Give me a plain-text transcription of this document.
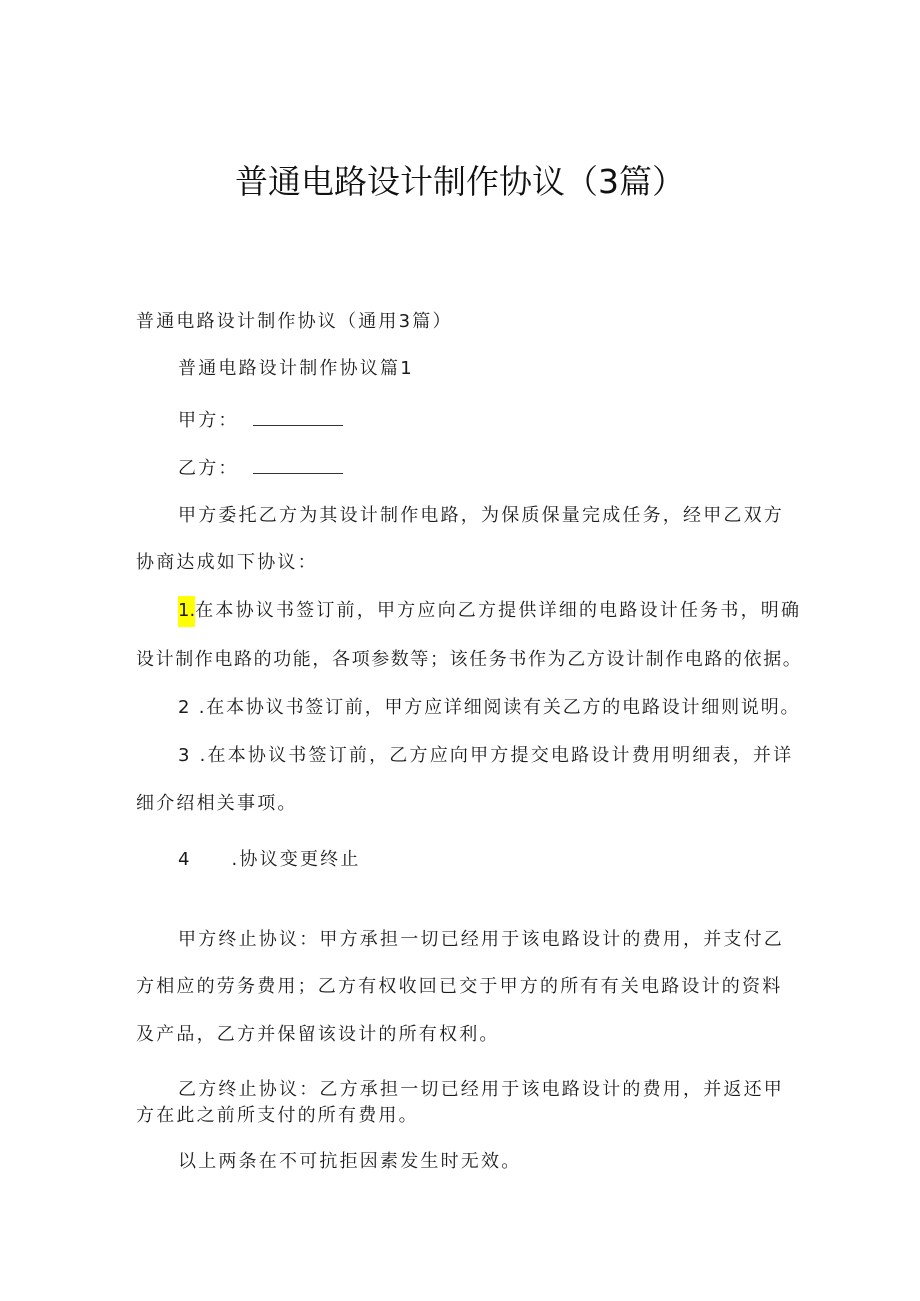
普通电路设计制作协议（3篇）
普通电路设计制作协议（通用3篇）
普通电路设计制作协议篇1
甲方：
乙方：
甲方委托乙方为其设计制作电路，为保质保量完成任务，经甲乙双方
协商达成如下协议：
1.在本协议书签订前，甲方应向乙方提供详细的电路设计任务书，明确
设计制作电路的功能，各项参数等；该任务书作为乙方设计制作电路的依据。
2 .在本协议书签订前，甲方应详细阅读有关乙方的电路设计细则说明。
3 .在本协议书签订前，乙方应向甲方提交电路设计费用明细表，并详
细介绍相关事项。
4 .协议变更终止
甲方终止协议：甲方承担一切已经用于该电路设计的费用，并支付乙
方相应的劳务费用；乙方有权收回已交于甲方的所有有关电路设计的资料
及产品，乙方并保留该设计的所有权利。
乙方终止协议：乙方承担一切已经用于该电路设计的费用，并返还甲
方在此之前所支付的所有费用。
以上两条在不可抗拒因素发生时无效。
